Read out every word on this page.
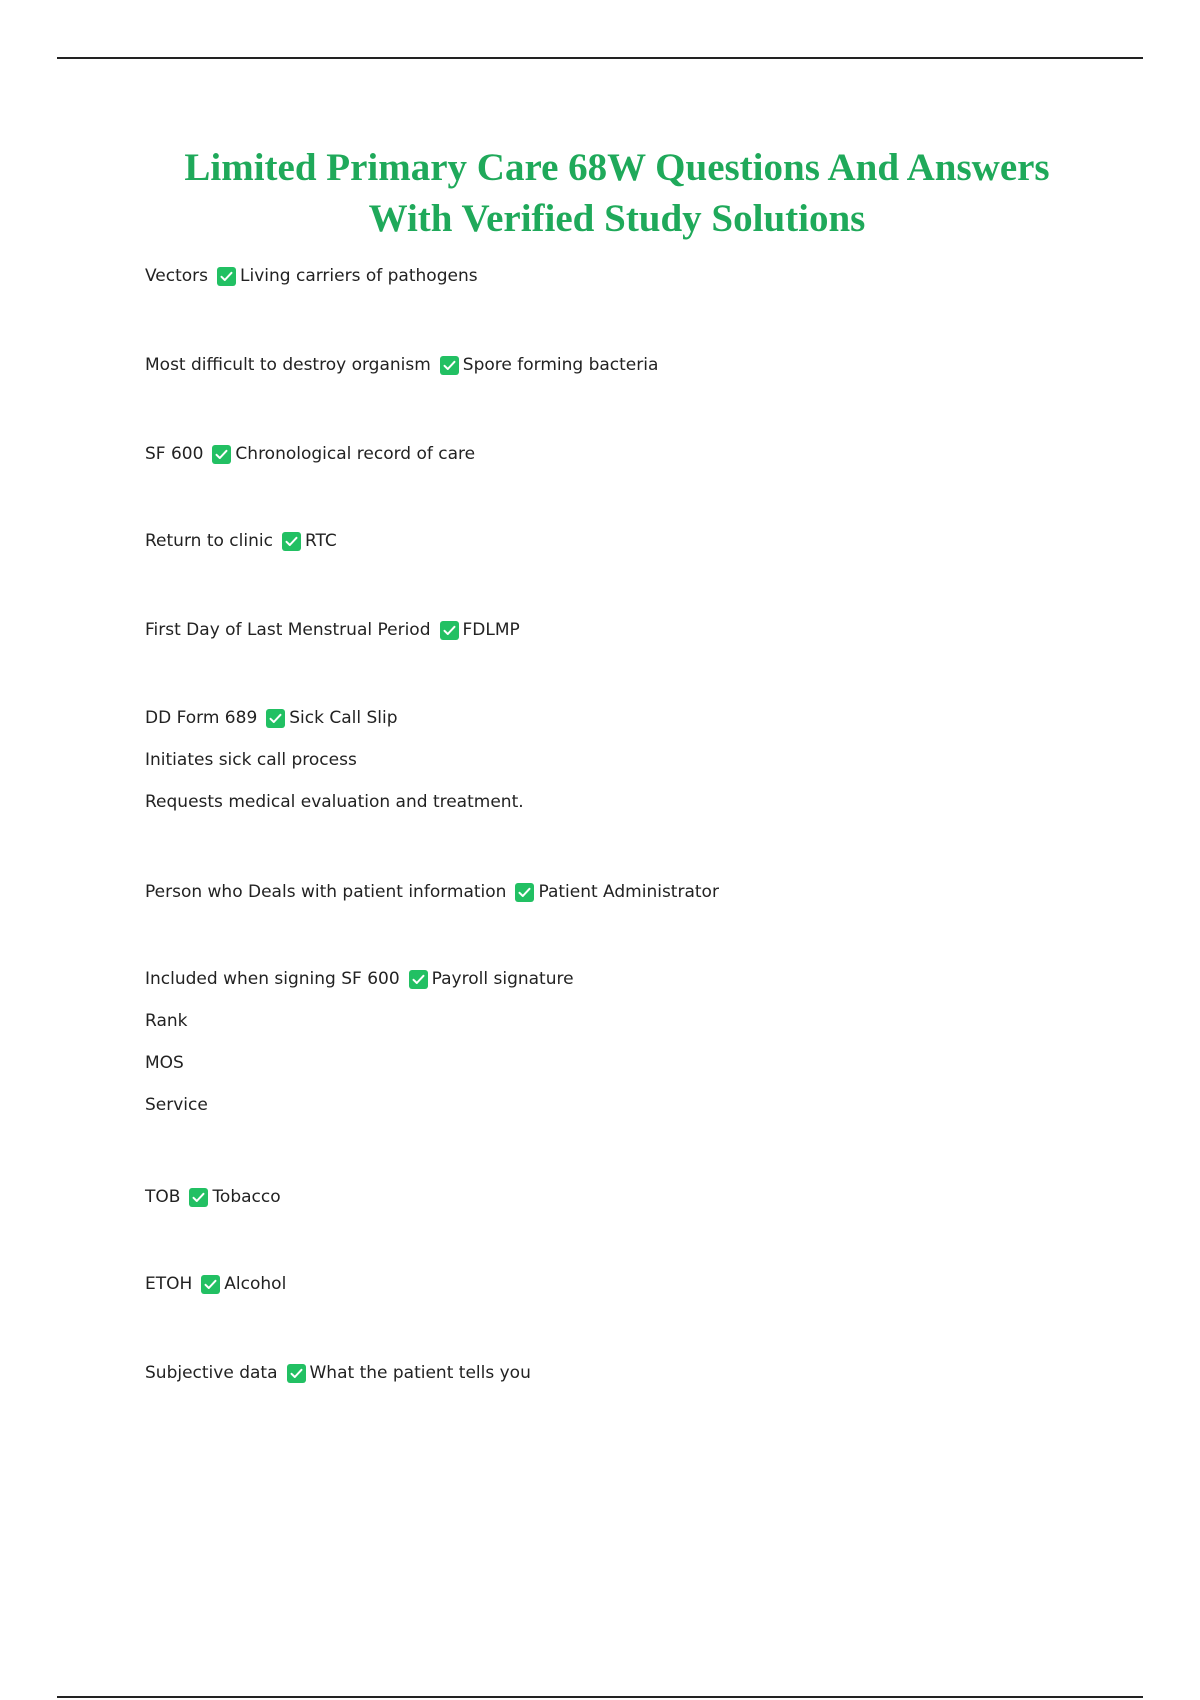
Limited Primary Care 68W Questions And Answers
With Verified Study Solutions
Vectors Living carriers of pathogens
Most difficult to destroy organism Spore forming bacteria
SF 600 Chronological record of care
Return to clinic RTC
First Day of Last Menstrual Period FDLMP
DD Form 689 Sick Call Slip
Initiates sick call process
Requests medical evaluation and treatment.
Person who Deals with patient information Patient Administrator
Included when signing SF 600 Payroll signature
Rank
MOS
Service
TOB Tobacco
ETOH Alcohol
Subjective data What the patient tells you
